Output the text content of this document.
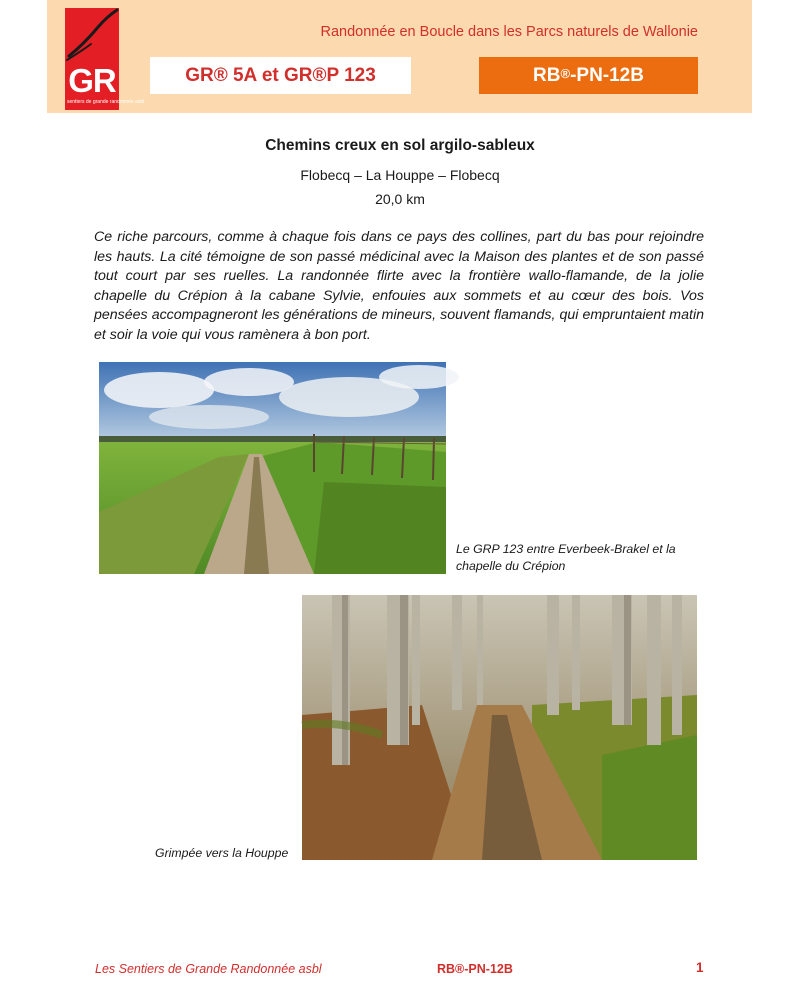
GR
sentiers de grande randonnée asbl
Randonnée en Boucle dans les Parcs naturels de Wallonie
GR® 5A et GR®P 123	RB® -PN-12B
Chemins creux en sol argilo-sableux
Flobecq – La Houppe – Flobecq
20,0 km

Ce riche parcours, comme à chaque fois dans ce pays des collines, part du bas pour rejoindre les hauts. La cité témoigne de son passé médicinal avec la Maison des plantes et de son passé tout court par ses ruelles. La randonnée flirte avec la frontière wallo-flamande, de la jolie chapelle du Crépion à la cabane Sylvie, enfouies aux sommets et au cœur des bois. Vos pensées accompagneront les générations de mineurs, souvent flamands, qui empruntaient matin et soir la voie qui vous ramènera à bon port.

Le GRP 123 entre Everbeek-Brakel et la chapelle du Crépion
Grimpée vers la Houppe
Les Sentiers de Grande Randonnée asbl	RB®-PN-12B	1
